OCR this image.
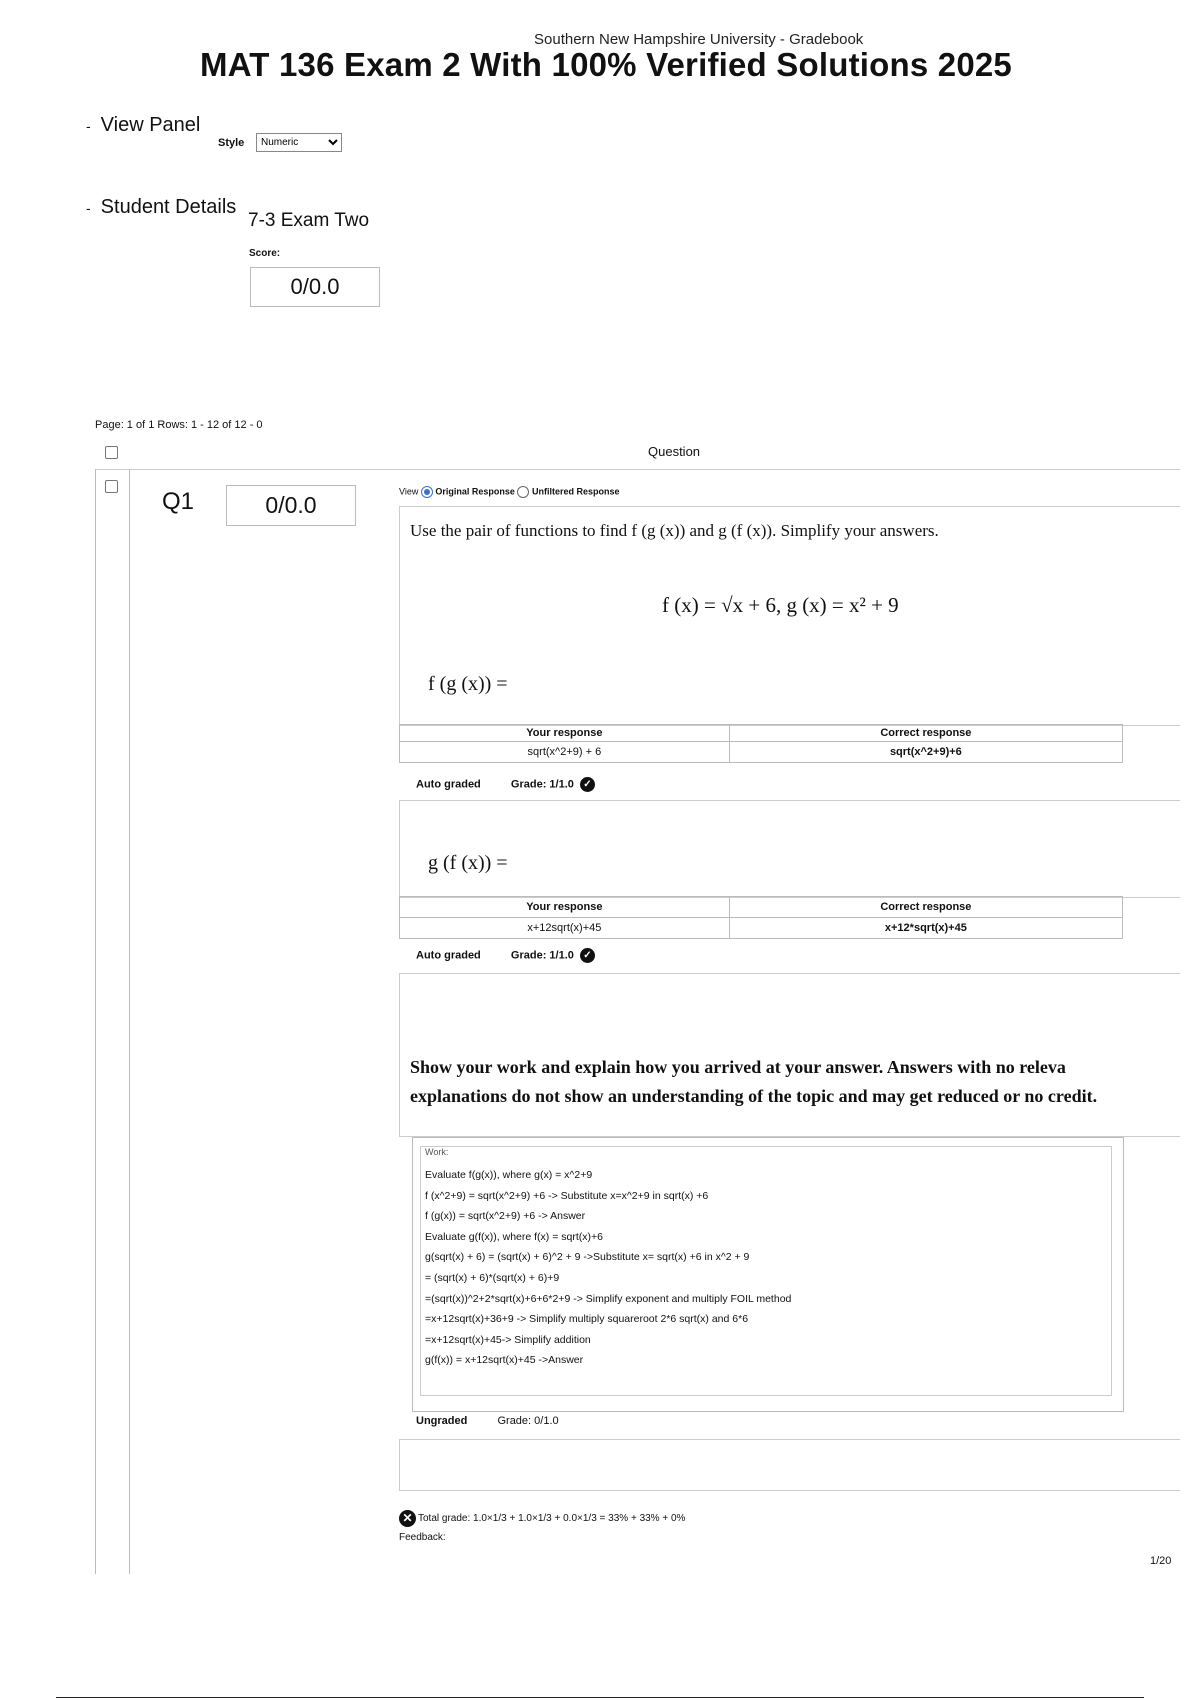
Southern New Hampshire University - Gradebook
MAT 136 Exam 2 With 100% Verified Solutions 2025
- View Panel
Style
Numeric
- Student Details
7-3 Exam Two
Score:
0/0.0
Page: 1 of 1 Rows: 1 - 12 of 12 - 0
Question
Q1	0/0.0
View Original Response Unfiltered Response
Use the pair of functions to find f (g (x)) and g (f (x)). Simplify your answers.
f (x) = √x + 6, g (x) = x² + 9
f (g (x)) =
Your response	Correct response
sqrt(x^2+9) + 6	sqrt(x^2+9)+6
Auto graded	Grade: 1/1.0 ✓
g (f (x)) =
Your response	Correct response
x+12sqrt(x)+45	x+12*sqrt(x)+45
Auto graded	Grade: 1/1.0 ✓
Show your work and explain how you arrived at your answer. Answers with no releva
explanations do not show an understanding of the topic and may get reduced or no credit.
Work:
Evaluate f(g(x)), where g(x) = x^2+9
f (x^2+9) = sqrt(x^2+9) +6 -> Substitute x=x^2+9 in sqrt(x) +6
f (g(x)) = sqrt(x^2+9) +6 -> Answer
Evaluate g(f(x)), where f(x) = sqrt(x)+6
g(sqrt(x) + 6) = (sqrt(x) + 6)^2 + 9 ->Substitute x= sqrt(x) +6 in x^2 + 9
= (sqrt(x) + 6)*(sqrt(x) + 6)+9
=(sqrt(x))^2+2*sqrt(x)+6+6*2+9 -> Simplify exponent and multiply FOIL method
=x+12sqrt(x)+36+9 -> Simplify multiply squareroot 2*6 sqrt(x) and 6*6
=x+12sqrt(x)+45-> Simplify addition
g(f(x)) = x+12sqrt(x)+45 ->Answer
Ungraded	Grade: 0/1.0
✕ Total grade: 1.0×1/3 + 1.0×1/3 + 0.0×1/3 = 33% + 33% + 0%
Feedback:
1/20
